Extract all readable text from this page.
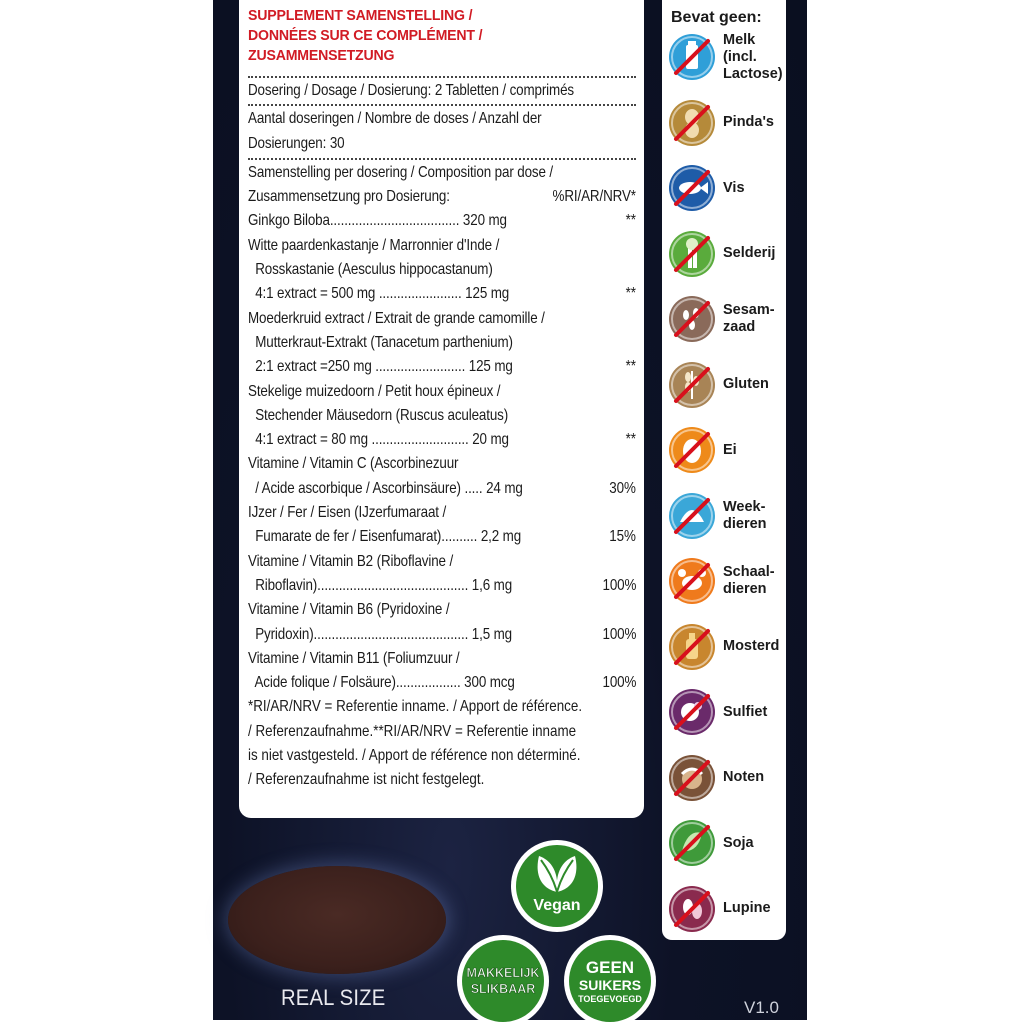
SUPPLEMENT SAMENSTELLING /
DONNÉES SUR CE COMPLÉMENT /
ZUSAMMENSETZUNG
Dosering / Dosage / Dosierung: 2 Tabletten / comprimés
Aantal doseringen / Nombre de doses / Anzahl der
Dosierungen: 30
Samenstelling per dosering / Composition par dose /
Zusammensetzung pro Dosierung:	%RI/AR/NRV*
Ginkgo Biloba.................................... 320 mg	**
Witte paardenkastanje / Marronnier d'Inde /
Rosskastanie (Aesculus hippocastanum)
4:1 extract = 500 mg ....................... 125 mg	**
Moederkruid extract / Extrait de grande camomille /
Mutterkraut-Extrakt (Tanacetum parthenium)
2:1 extract =250 mg ......................... 125 mg	**
Stekelige muizedoorn / Petit houx épineux /
Stechender Mäusedorn (Ruscus aculeatus)
4:1 extract = 80 mg ........................... 20 mg	**
Vitamine / Vitamin C (Ascorbinezuur
/ Acide ascorbique / Ascorbinsäure) ..... 24 mg	30%
IJzer / Fer / Eisen (IJzerfumaraat /
Fumarate de fer / Eisenfumarat).......... 2,2 mg	15%
Vitamine / Vitamin B2 (Riboflavine /
Riboflavin).......................................... 1,6 mg	100%
Vitamine / Vitamin B6 (Pyridoxine /
Pyridoxin)........................................... 1,5 mg	100%
Vitamine / Vitamin B11 (Foliumzuur /
Acide folique / Folsäure).................. 300 mcg	100%
*RI/AR/NRV = Referentie inname. / Apport de référence.
/ Referenzaufnahme.**RI/AR/NRV = Referentie inname
is niet vastgesteld. / Apport de référence non déterminé.
/ Referenzaufnahme ist nicht festgelegt.
Bevat geen:
Melk
(incl.
Lactose)
Pinda's
Vis
Selderij
Sesam-
zaad
Gluten
Ei
Week-
dieren
Schaal-
dieren
Mosterd
Sulfiet
Noten
Soja
Lupine
REAL SIZE
Vegan
MAKKELIJK
SLIKBAAR
GEEN
SUIKERS
TOEGEVOEGD	V1.0
